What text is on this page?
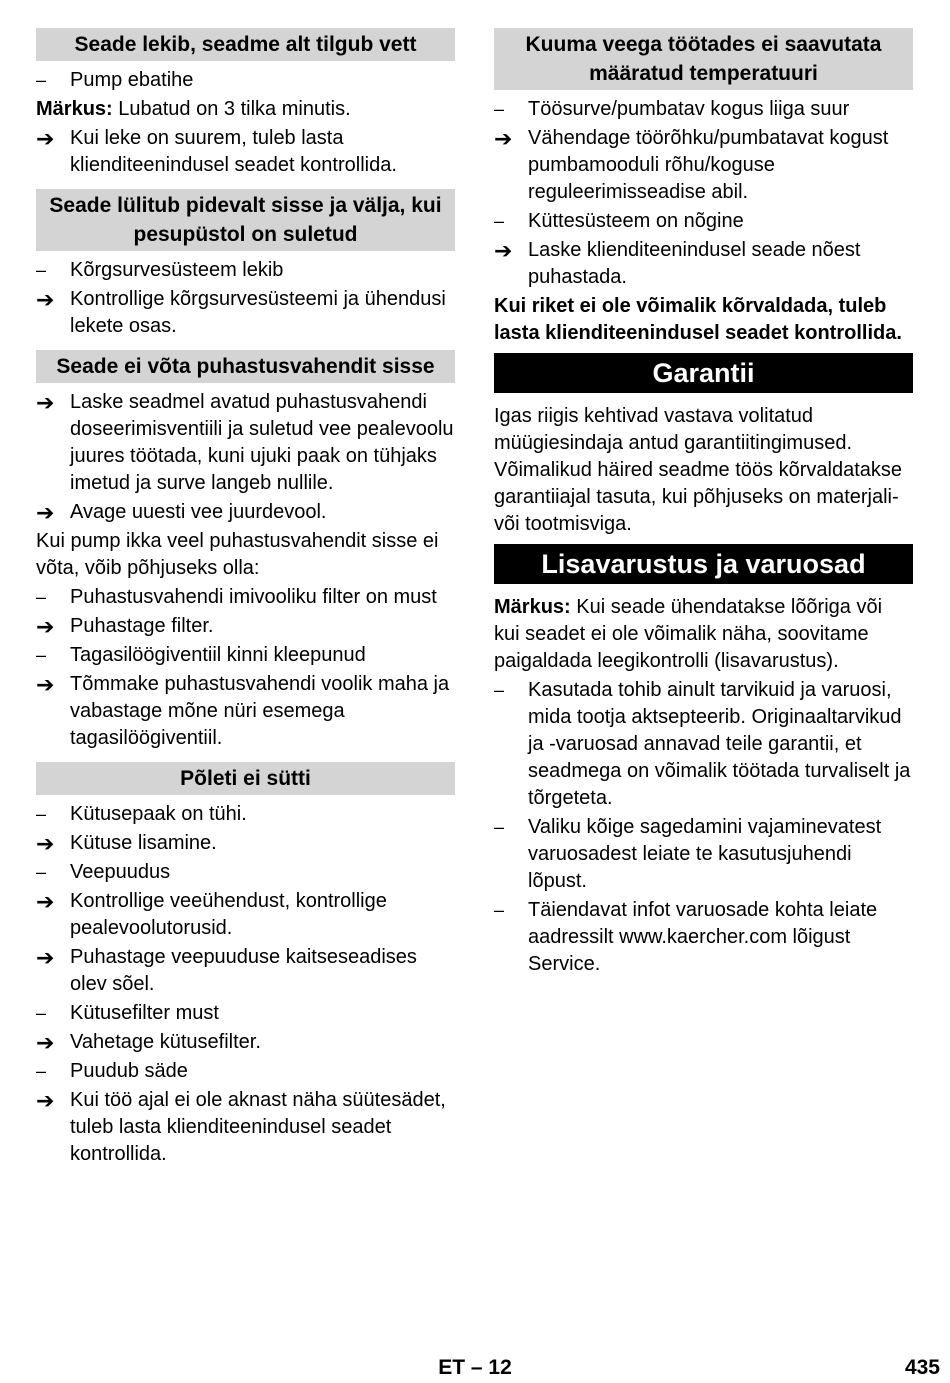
Seade lekib, seadme alt tilgub vett
–	Pump ebatihe
Märkus: Lubatud on 3 tilka minutis.
➔ Kui leke on suurem, tuleb lasta klienditeenindusel seadet kontrollida.
Seade lülitub pidevalt sisse ja välja, kui pesupüstol on suletud
–	Kõrgsurvesüsteem lekib
➔ Kontrollige kõrgsurvesüsteemi ja ühendusi lekete osas.
Seade ei võta puhastusvahendit sisse
➔ Laske seadmel avatud puhastusvahendi doseerimisventiili ja suletud vee pealevoolu juures töötada, kuni ujuki paak on tühjaks imetud ja surve langeb nullile.
➔ Avage uuesti vee juurdevool.
Kui pump ikka veel puhastusvahendit sisse ei võta, võib põhjuseks olla:
–	Puhastusvahendi imivooliku filter on must
➔ Puhastage filter.
–	Tagasilöögiventiil kinni kleepunud
➔ Tõmmake puhastusvahendi voolik maha ja vabastage mõne nüri esemega tagasilöögiventiil.
Põleti ei sütti
–	Kütusepaak on tühi.
➔ Kütuse lisamine.
–	Veepuudus
➔ Kontrollige veeühendust, kontrollige pealevoolutorusid.
➔ Puhastage veepuuduse kaitseseadises olev sõel.
–	Kütusefilter must
➔ Vahetage kütusefilter.
–	Puudub säde
➔ Kui töö ajal ei ole aknast näha süütesädet, tuleb lasta klienditeenindusel seadet kontrollida.
Kuuma veega töötades ei saavutata määratud temperatuuri
–	Töösurve/pumbatav kogus liiga suur
➔ Vähendage töörõhku/pumbatavat kogust pumbamooduli rõhu/koguse reguleerimisseadise abil.
–	Küttesüsteem on nõgine
➔ Laske klienditeenindusel seade nõest puhastada.
Kui riket ei ole võimalik kõrvaldada, tuleb lasta klienditeenindusel seadet kontrollida.
Garantii
Igas riigis kehtivad vastava volitatud müügiesindaja antud garantiitingimused. Võimalikud häired seadme töös kõrvaldatakse garantiiajal tasuta, kui põhjuseks on materjali- või tootmisviga.
Lisavarustus ja varuosad
Märkus: Kui seade ühendatakse lõõriga või kui seadet ei ole võimalik näha, soovitame paigaldada leegikontrolli (lisavarustus).
–	Kasutada tohib ainult tarvikuid ja varuosi, mida tootja aktsepteerib. Originaaltarvikud ja -varuosad annavad teile garantii, et seadmega on võimalik töötada turvaliselt ja tõrgeteta.
–	Valiku kõige sagedamini vajaminevatest varuosadest leiate te kasutusjuhendi lõpust.
–	Täiendavat infot varuosade kohta leiate aadressilt www.kaercher.com lõigust Service.
ET – 12	435
